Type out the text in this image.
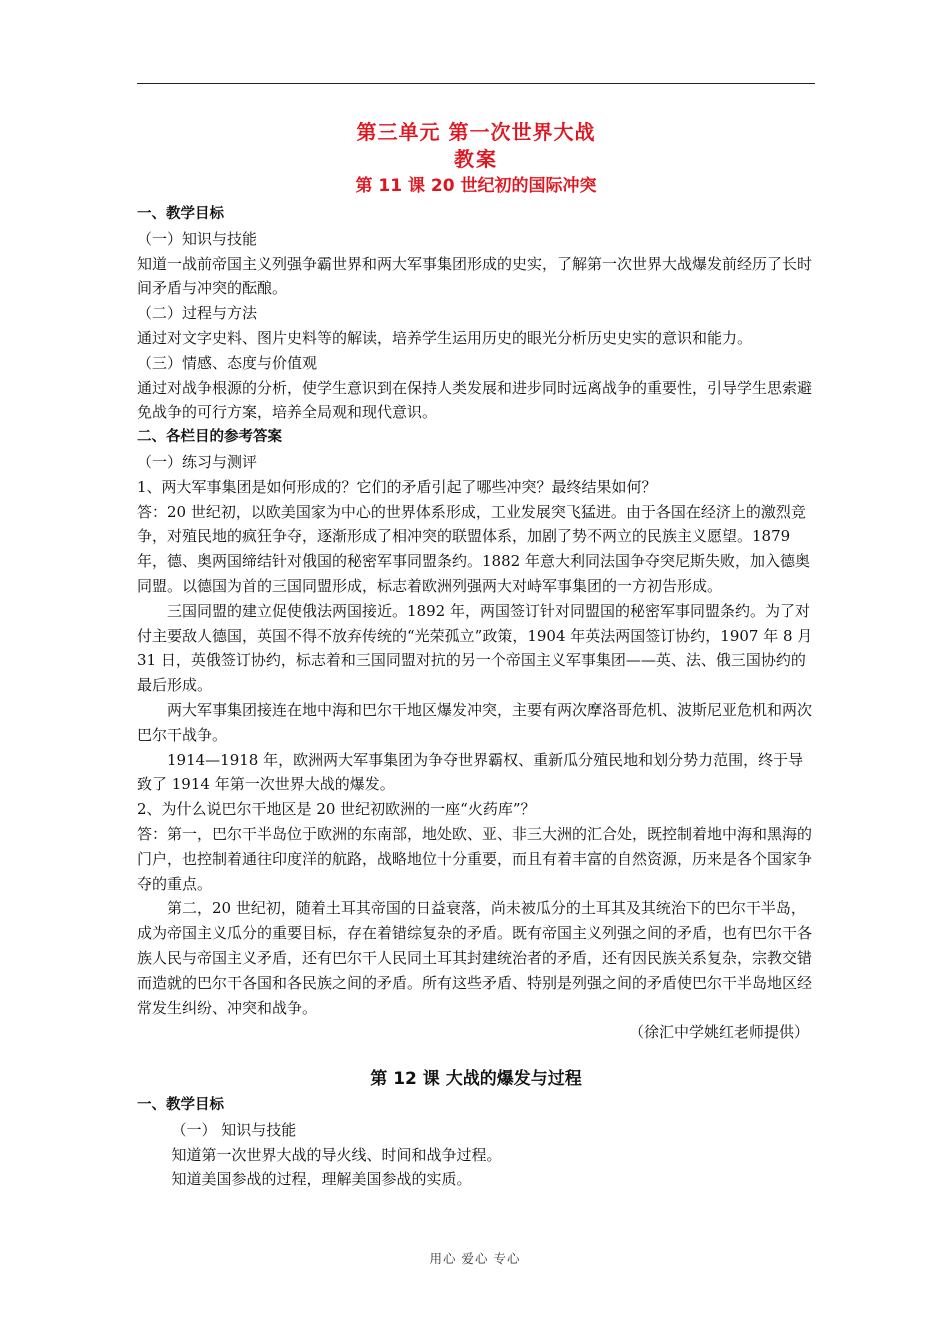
第三单元 第一次世界大战
教案
第 11 课 20 世纪初的国际冲突

一、教学目标

（一）知识与技能

知道一战前帝国主义列强争霸世界和两大军事集团形成的史实，了解第一次世界大战爆发前经历了长时间矛盾与冲突的酝酿。

（二）过程与方法

通过对文字史料、图片史料等的解读，培养学生运用历史的眼光分析历史史实的意识和能力。

（三）情感、态度与价值观

通过对战争根源的分析，使学生意识到在保持人类发展和进步同时远离战争的重要性，引导学生思索避免战争的可行方案，培养全局观和现代意识。

二、各栏目的参考答案

（一）练习与测评

1、两大军事集团是如何形成的？它们的矛盾引起了哪些冲突？最终结果如何？

答：20 世纪初，以欧美国家为中心的世界体系形成，工业发展突飞猛进。由于各国在经济上的激烈竞争，对殖民地的疯狂争夺，逐渐形成了相冲突的联盟体系，加剧了势不两立的民族主义愿望。1879 年，德、奥两国缔结针对俄国的秘密军事同盟条约。1882 年意大利同法国争夺突尼斯失败，加入德奥同盟。以德国为首的三国同盟形成，标志着欧洲列强两大对峙军事集团的一方初告形成。

三国同盟的建立促使俄法两国接近。1892 年，两国签订针对同盟国的秘密军事同盟条约。为了对付主要敌人德国，英国不得不放弃传统的“光荣孤立”政策，1904 年英法两国签订协约，1907 年 8 月 31 日，英俄签订协约，标志着和三国同盟对抗的另一个帝国主义军事集团——英、法、俄三国协约的最后形成。

两大军事集团接连在地中海和巴尔干地区爆发冲突，主要有两次摩洛哥危机、波斯尼亚危机和两次巴尔干战争。

1914—1918 年，欧洲两大军事集团为争夺世界霸权、重新瓜分殖民地和划分势力范围，终于导致了 1914 年第一次世界大战的爆发。

2、为什么说巴尔干地区是 20 世纪初欧洲的一座“火药库”？

答：第一，巴尔干半岛位于欧洲的东南部，地处欧、亚、非三大洲的汇合处，既控制着地中海和黑海的门户，也控制着通往印度洋的航路，战略地位十分重要，而且有着丰富的自然资源，历来是各个国家争夺的重点。

第二，20 世纪初，随着土耳其帝国的日益衰落，尚未被瓜分的土耳其及其统治下的巴尔干半岛，成为帝国主义瓜分的重要目标，存在着错综复杂的矛盾。既有帝国主义列强之间的矛盾，也有巴尔干各族人民与帝国主义矛盾，还有巴尔干人民同土耳其封建统治者的矛盾，还有因民族关系复杂，宗教交错而造就的巴尔干各国和各民族之间的矛盾。所有这些矛盾、特别是列强之间的矛盾使巴尔干半岛地区经常发生纠纷、冲突和战争。

（徐汇中学姚红老师提供）

第 12 课 大战的爆发与过程

一、教学目标

（一） 知识与技能

知道第一次世界大战的导火线、时间和战争过程。

知道美国参战的过程，理解美国参战的实质。

用心 爱心 专心
